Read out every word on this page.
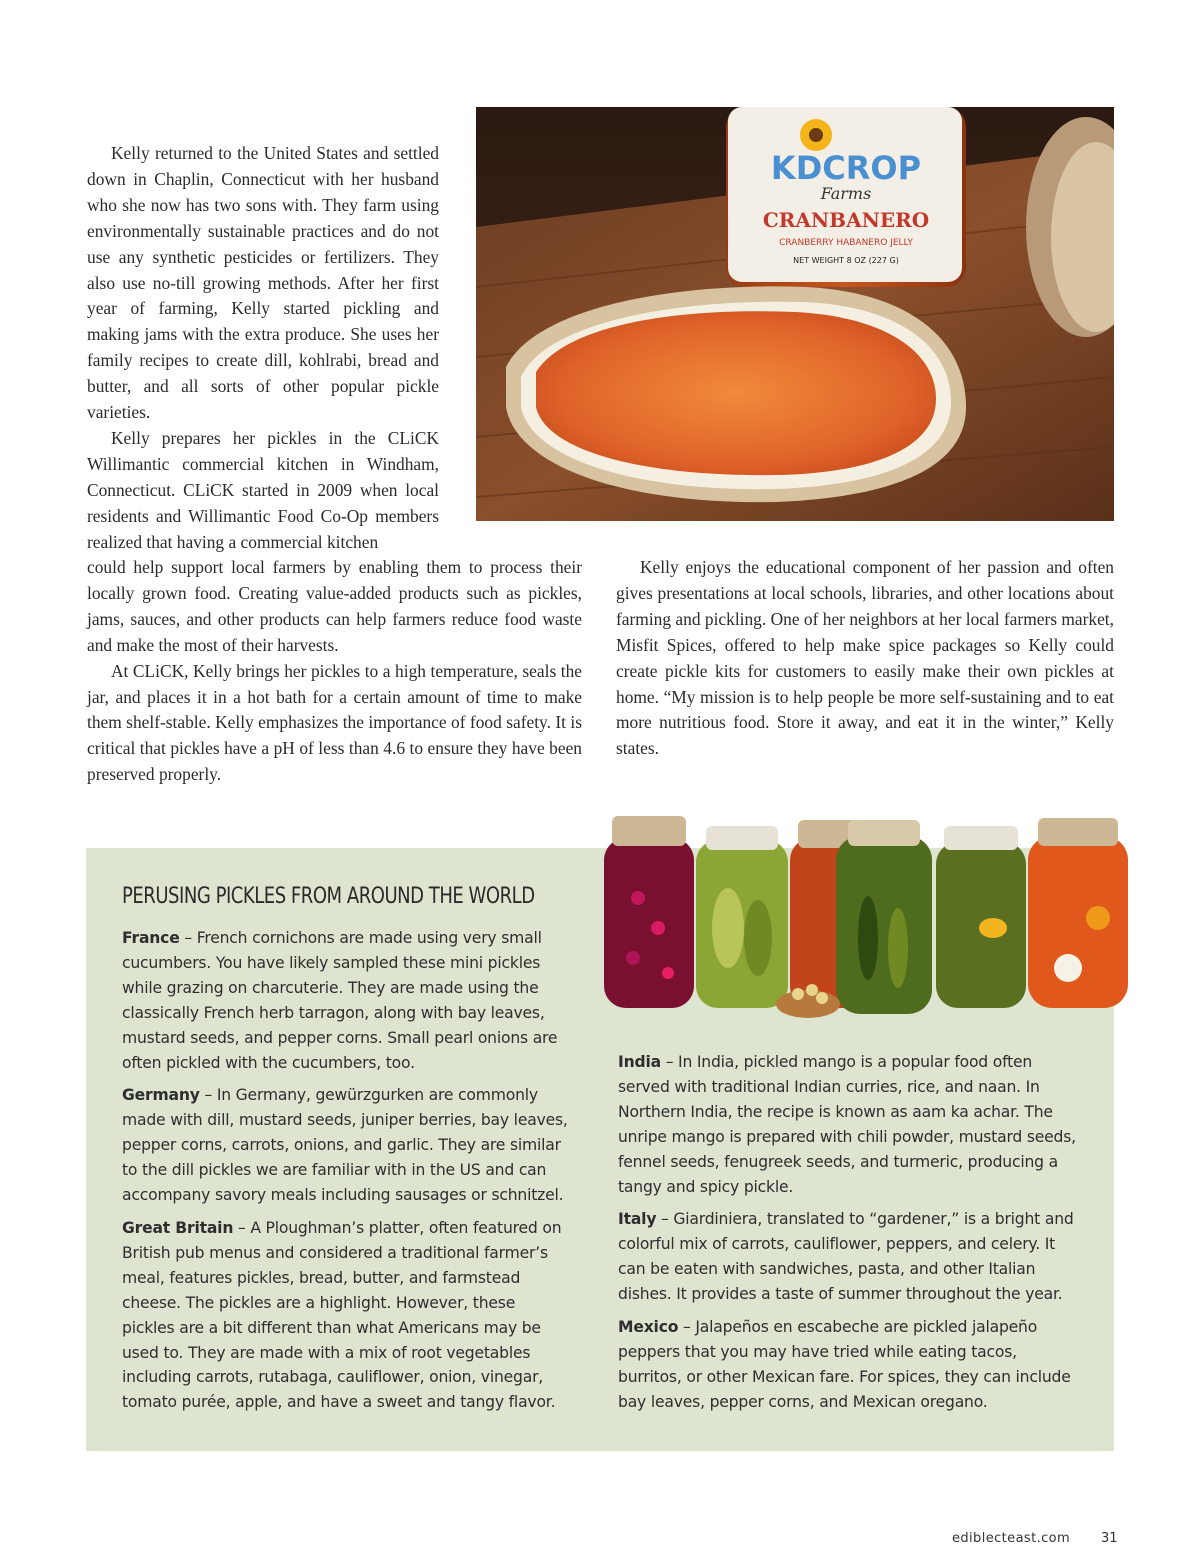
Kelly returned to the United States and settled down in Chaplin, Connecticut with her husband who she now has two sons with. They farm using environmentally sustainable practices and do not use any synthetic pesticides or fertilizers. They also use no-till growing methods. After her first year of farming, Kelly started pickling and making jams with the extra produce. She uses her family recipes to create dill, kohlrabi, bread and butter, and all sorts of other popular pickle varieties.

Kelly prepares her pickles in the CLiCK Willimantic commercial kitchen in Windham, Connecticut. CLiCK started in 2009 when local residents and Willimantic Food Co-Op members realized that having a commercial kitchen

KDCROP
Farms
CRANBANERO
CRANBERRY HABANERO JELLY
NET WEIGHT 8 OZ (227 G)

could help support local farmers by enabling them to process their locally grown food. Creating value-added products such as pickles, jams, sauces, and other products can help farmers reduce food waste and make the most of their harvests.

At CLiCK, Kelly brings her pickles to a high temperature, seals the jar, and places it in a hot bath for a certain amount of time to make them shelf-stable. Kelly emphasizes the importance of food safety. It is critical that pickles have a pH of less than 4.6 to ensure they have been preserved properly.

Kelly enjoys the educational component of her passion and often gives presentations at local schools, libraries, and other locations about farming and pickling. One of her neighbors at her local farmers market, Misfit Spices, offered to help make spice packages so Kelly could create pickle kits for customers to easily make their own pickles at home. “My mission is to help people be more self-sustaining and to eat more nutritious food. Store it away, and eat it in the winter,” Kelly states.

PERUSING PICKLES FROM AROUND THE WORLD

France – French cornichons are made using very small cucumbers. You have likely sampled these mini pickles while grazing on charcuterie. They are made using the classically French herb tarragon, along with bay leaves, mustard seeds, and pepper corns. Small pearl onions are often pickled with the cucumbers, too.

Germany – In Germany, gewürzgurken are commonly made with dill, mustard seeds, juniper berries, bay leaves, pepper corns, carrots, onions, and garlic. They are similar to the dill pickles we are familiar with in the US and can accompany savory meals including sausages or schnitzel.

Great Britain – A Ploughman’s platter, often featured on British pub menus and considered a traditional farmer’s meal, features pickles, bread, butter, and farmstead cheese. The pickles are a highlight. However, these pickles are a bit different than what Americans may be used to. They are made with a mix of root vegetables including carrots, rutabaga, cauliflower, onion, vinegar, tomato purée, apple, and have a sweet and tangy flavor.

India – In India, pickled mango is a popular food often served with traditional Indian curries, rice, and naan. In Northern India, the recipe is known as aam ka achar. The unripe mango is prepared with chili powder, mustard seeds, fennel seeds, fenugreek seeds, and turmeric, producing a tangy and spicy pickle.

Italy – Giardiniera, translated to “gardener,” is a bright and colorful mix of carrots, cauliflower, peppers, and celery. It can be eaten with sandwiches, pasta, and other Italian dishes. It provides a taste of summer throughout the year.

Mexico – Jalapeños en escabeche are pickled jalapeño peppers that you may have tried while eating tacos, burritos, or other Mexican fare. For spices, they can include bay leaves, pepper corns, and Mexican oregano.

ediblecteast.com 31
